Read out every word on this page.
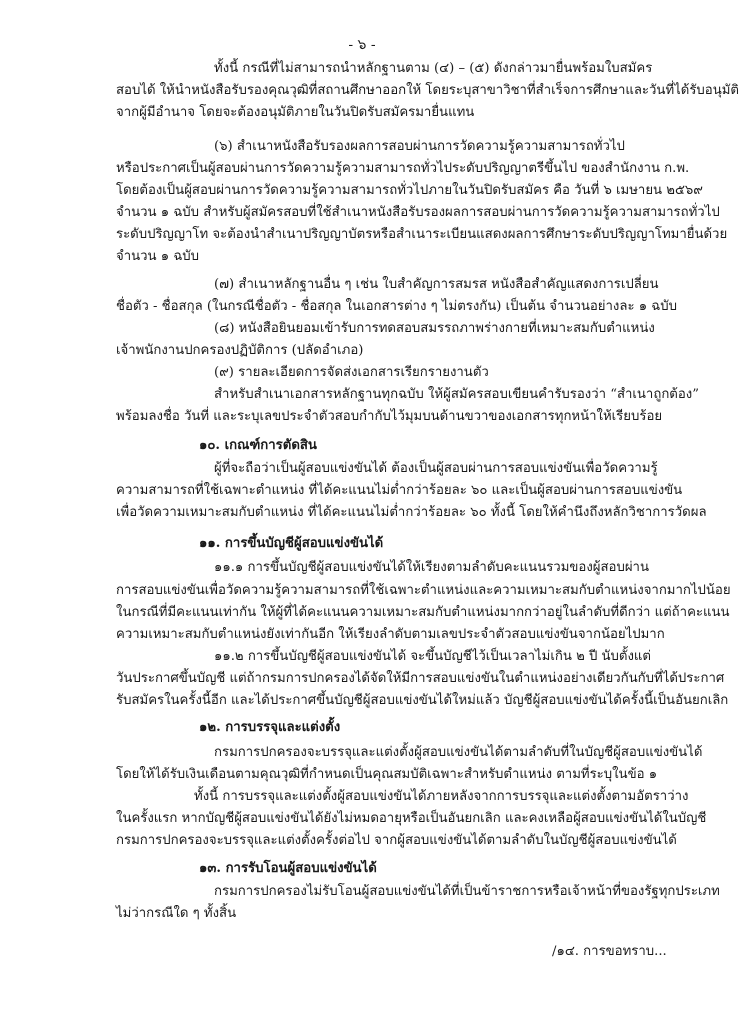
- ๖ -
ทั้งนี้ กรณีที่ไม่สามารถนำหลักฐานตาม (๔) – (๕) ดังกล่าวมายื่นพร้อมใบสมัคร
สอบได้ ให้นำหนังสือรับรองคุณวุฒิที่สถานศึกษาออกให้ โดยระบุสาขาวิชาที่สำเร็จการศึกษาและวันที่ได้รับอนุมัติ
จากผู้มีอำนาจ โดยจะต้องอนุมัติภายในวันปิดรับสมัครมายื่นแทน
(๖) สำเนาหนังสือรับรองผลการสอบผ่านการวัดความรู้ความสามารถทั่วไป
หรือประกาศเป็นผู้สอบผ่านการวัดความรู้ความสามารถทั่วไประดับปริญญาตรีขึ้นไป ของสำนักงาน ก.พ.
โดยต้องเป็นผู้สอบผ่านการวัดความรู้ความสามารถทั่วไปภายในวันปิดรับสมัคร คือ วันที่ ๖ เมษายน ๒๕๖๙
จำนวน ๑ ฉบับ สำหรับผู้สมัครสอบที่ใช้สำเนาหนังสือรับรองผลการสอบผ่านการวัดความรู้ความสามารถทั่วไป
ระดับปริญญาโท จะต้องนำสำเนาปริญญาบัตรหรือสำเนาระเบียนแสดงผลการศึกษาระดับปริญญาโทมายื่นด้วย
จำนวน ๑ ฉบับ
(๗) สำเนาหลักฐานอื่น ๆ เช่น ใบสำคัญการสมรส หนังสือสำคัญแสดงการเปลี่ยน
ชื่อตัว - ชื่อสกุล (ในกรณีชื่อตัว - ชื่อสกุล ในเอกสารต่าง ๆ ไม่ตรงกัน) เป็นต้น จำนวนอย่างละ ๑ ฉบับ
(๘) หนังสือยินยอมเข้ารับการทดสอบสมรรถภาพร่างกายที่เหมาะสมกับตำแหน่ง
เจ้าพนักงานปกครองปฏิบัติการ (ปลัดอำเภอ)
(๙) รายละเอียดการจัดส่งเอกสารเรียกรายงานตัว
สำหรับสำเนาเอกสารหลักฐานทุกฉบับ ให้ผู้สมัครสอบเขียนคำรับรองว่า “สำเนาถูกต้อง”
พร้อมลงชื่อ วันที่ และระบุเลขประจำตัวสอบกำกับไว้มุมบนด้านขวาของเอกสารทุกหน้าให้เรียบร้อย
๑๐. เกณฑ์การตัดสิน
ผู้ที่จะถือว่าเป็นผู้สอบแข่งขันได้ ต้องเป็นผู้สอบผ่านการสอบแข่งขันเพื่อวัดความรู้
ความสามารถที่ใช้เฉพาะตำแหน่ง ที่ได้คะแนนไม่ต่ำกว่าร้อยละ ๖๐ และเป็นผู้สอบผ่านการสอบแข่งขัน
เพื่อวัดความเหมาะสมกับตำแหน่ง ที่ได้คะแนนไม่ต่ำกว่าร้อยละ ๖๐ ทั้งนี้ โดยให้คำนึงถึงหลักวิชาการวัดผล
๑๑. การขึ้นบัญชีผู้สอบแข่งขันได้
๑๑.๑ การขึ้นบัญชีผู้สอบแข่งขันได้ให้เรียงตามลำดับคะแนนรวมของผู้สอบผ่าน
การสอบแข่งขันเพื่อวัดความรู้ความสามารถที่ใช้เฉพาะตำแหน่งและความเหมาะสมกับตำแหน่งจากมากไปน้อย
ในกรณีที่มีคะแนนเท่ากัน ให้ผู้ที่ได้คะแนนความเหมาะสมกับตำแหน่งมากกว่าอยู่ในลำดับที่ดีกว่า แต่ถ้าคะแนน
ความเหมาะสมกับตำแหน่งยังเท่ากันอีก ให้เรียงลำดับตามเลขประจำตัวสอบแข่งขันจากน้อยไปมาก
๑๑.๒ การขึ้นบัญชีผู้สอบแข่งขันได้ จะขึ้นบัญชีไว้เป็นเวลาไม่เกิน ๒ ปี นับตั้งแต่
วันประกาศขึ้นบัญชี แต่ถ้ากรมการปกครองได้จัดให้มีการสอบแข่งขันในตำแหน่งอย่างเดียวกันกับที่ได้ประกาศ
รับสมัครในครั้งนี้อีก และได้ประกาศขึ้นบัญชีผู้สอบแข่งขันได้ใหม่แล้ว บัญชีผู้สอบแข่งขันได้ครั้งนี้เป็นอันยกเลิก
๑๒. การบรรจุและแต่งตั้ง
กรมการปกครองจะบรรจุและแต่งตั้งผู้สอบแข่งขันได้ตามลำดับที่ในบัญชีผู้สอบแข่งขันได้
โดยให้ได้รับเงินเดือนตามคุณวุฒิที่กำหนดเป็นคุณสมบัติเฉพาะสำหรับตำแหน่ง ตามที่ระบุในข้อ ๑
ทั้งนี้ การบรรจุและแต่งตั้งผู้สอบแข่งขันได้ภายหลังจากการบรรจุและแต่งตั้งตามอัตราว่าง
ในครั้งแรก หากบัญชีผู้สอบแข่งขันได้ยังไม่หมดอายุหรือเป็นอันยกเลิก และคงเหลือผู้สอบแข่งขันได้ในบัญชี
กรมการปกครองจะบรรจุและแต่งตั้งครั้งต่อไป จากผู้สอบแข่งขันได้ตามลำดับในบัญชีผู้สอบแข่งขันได้
๑๓. การรับโอนผู้สอบแข่งขันได้
กรมการปกครองไม่รับโอนผู้สอบแข่งขันได้ที่เป็นข้าราชการหรือเจ้าหน้าที่ของรัฐทุกประเภท
ไม่ว่ากรณีใด ๆ ทั้งสิ้น
/๑๔. การขอทราบ...
